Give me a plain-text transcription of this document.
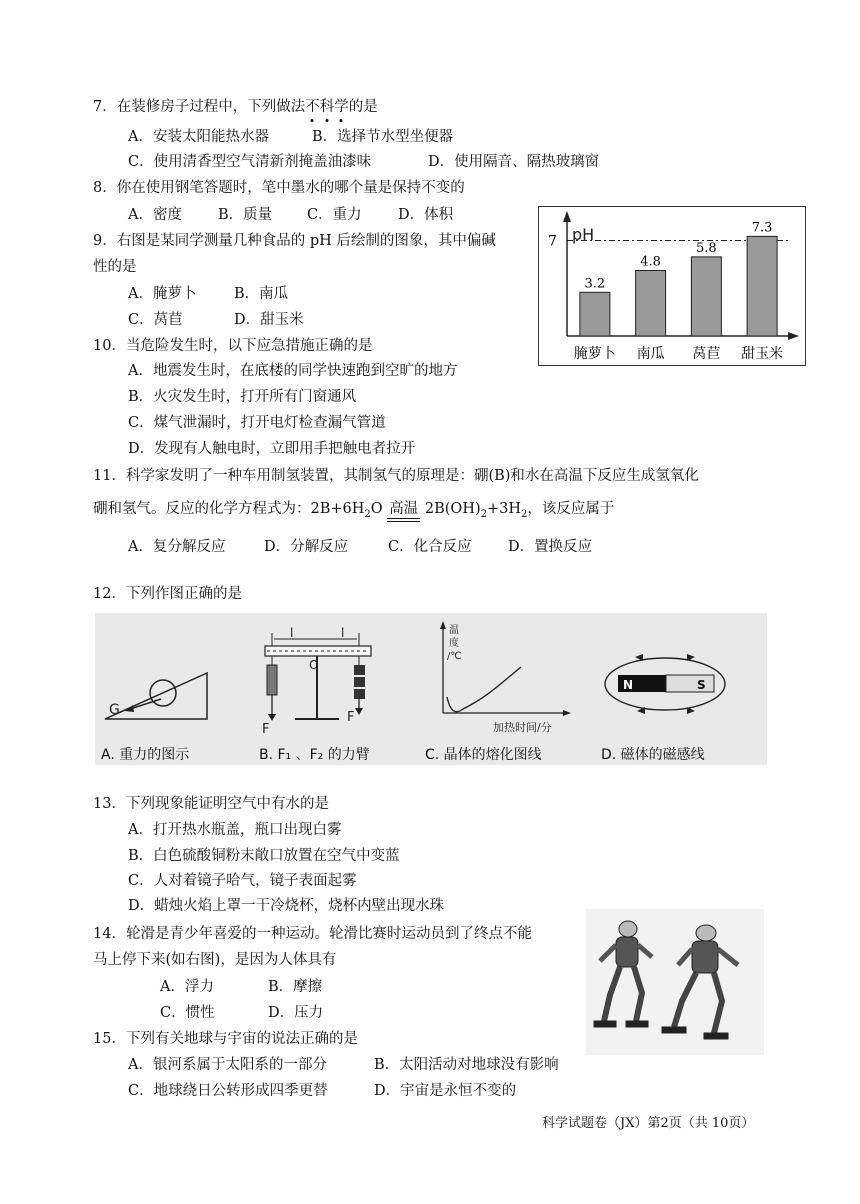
7．在装修房子过程中，下列做法不科学的是
A．安装太阳能热水器	B．选择节水型坐便器
C．使用清香型空气清新剂掩盖油漆味	D．使用隔音、隔热玻璃窗
8．你在使用钢笔答题时，笔中墨水的哪个量是保持不变的
A．密度 B．质量 C．重力	D．体积
9．右图是某同学测量几种食品的 pH 后绘制的图象，其中偏碱
性的是
A．腌萝卜	B．南瓜
C．莴苣	D．甜玉米
pH
7
3.2
腌萝卜
4.8
南瓜
5.8
莴苣
7.3
甜玉米
10．当危险发生时，以下应急措施正确的是
A．地震发生时，在底楼的同学快速跑到空旷的地方
B．火灾发生时，打开所有门窗通风
C．煤气泄漏时，打开电灯检查漏气管道
D．发现有人触电时，立即用手把触电者拉开
11．科学家发明了一种车用制氢装置，其制氢气的原理是：硼(B)和水在高温下反应生成氢氧化
硼和氢气。反应的化学方程式为：$2B+6H_2O$ 高温 $2B(OH)_2+3H_2$，该反应属于
A．复分解反应	D．分解反应	C．化合反应	D．置换反应
12．下列作图正确的是
G
l	l
O
F
F
温
度
/℃
加热时间/分
N	S
A. 重力的图示	B. F₁ 、F₂ 的力臂	C. 晶体的熔化图线	D. 磁体的磁感线
13．下列现象能证明空气中有水的是
A．打开热水瓶盖，瓶口出现白雾
B．白色硫酸铜粉末敞口放置在空气中变蓝
C．人对着镜子哈气，镜子表面起雾
D．蜡烛火焰上罩一干冷烧杯，烧杯内壁出现水珠
14．轮滑是青少年喜爱的一种运动。轮滑比赛时运动员到了终点不能
马上停下来(如右图)，是因为人体具有
A．浮力	B．摩擦
C．惯性	D．压力
15．下列有关地球与宇宙的说法正确的是
A．银河系属于太阳系的一部分	B．太阳活动对地球没有影响
C．地球绕日公转形成四季更替	D．宇宙是永恒不变的
科学试题卷（JX）第2页（共 10页）
